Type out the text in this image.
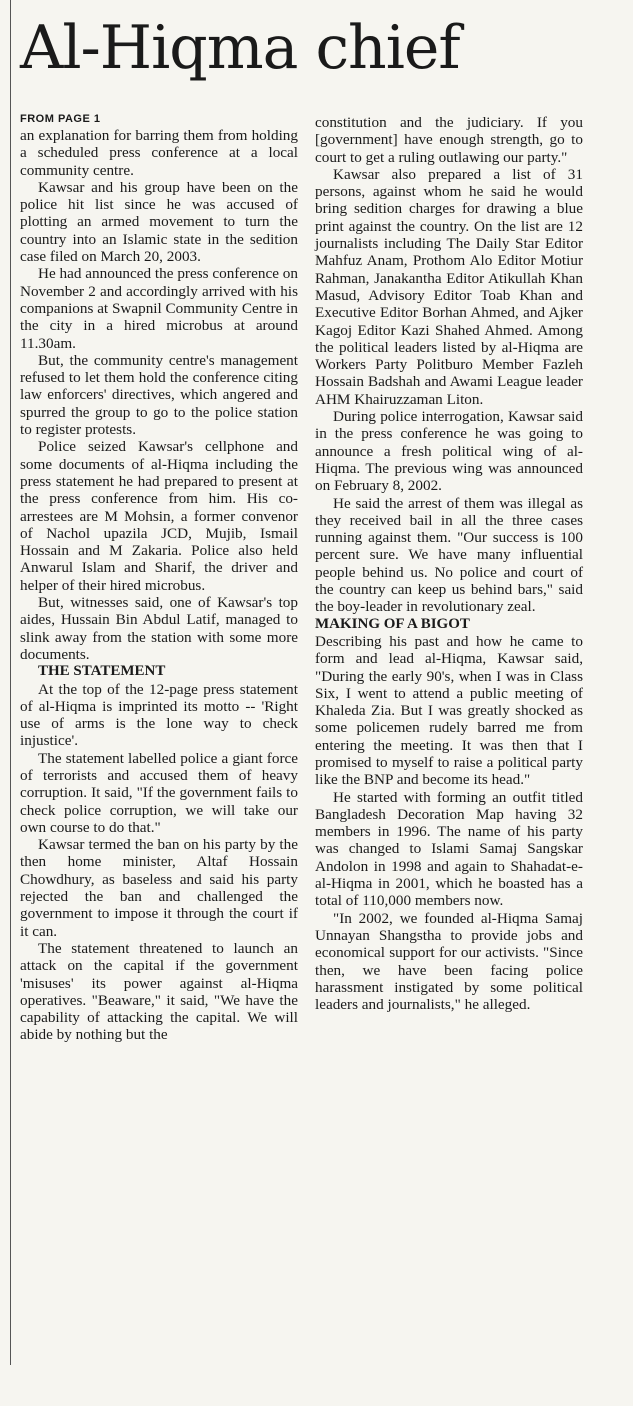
Al-Hiqma chief
FROM PAGE 1

an explanation for barring them from holding a scheduled press conference at a local community centre.

Kawsar and his group have been on the police hit list since he was accused of plotting an armed movement to turn the country into an Islamic state in the sedition case filed on March 20, 2003.

He had announced the press conference on November 2 and accordingly arrived with his companions at Swapnil Community Centre in the city in a hired microbus at around 11.30am.

But, the community centre's management refused to let them hold the conference citing law enforcers' directives, which angered and spurred the group to go to the police station to register protests.

Police seized Kawsar's cellphone and some documents of al-Hiqma including the press statement he had prepared to present at the press conference from him. His co-arrestees are M Mohsin, a former convenor of Nachol upazila JCD, Mujib, Ismail Hossain and M Zakaria. Police also held Anwarul Islam and Sharif, the driver and helper of their hired microbus.

But, witnesses said, one of Kawsar's top aides, Hussain Bin Abdul Latif, managed to slink away from the station with some more documents.

THE STATEMENT

At the top of the 12-page press statement of al-Hiqma is imprinted its motto -- 'Right use of arms is the lone way to check injustice'.

The statement labelled police a giant force of terrorists and accused them of heavy corruption. It said, "If the government fails to check police corruption, we will take our own course to do that."

Kawsar termed the ban on his party by the then home minister, Altaf Hossain Chowdhury, as baseless and said his party rejected the ban and challenged the government to impose it through the court if it can.

The statement threatened to launch an attack on the capital if the government 'misuses' its power against al-Hiqma operatives. "Beaware," it said, "We have the capability of attacking the capital. We will abide by nothing but the

constitution and the judiciary. If you [government] have enough strength, go to court to get a ruling outlawing our party."

Kawsar also prepared a list of 31 persons, against whom he said he would bring sedition charges for drawing a blue print against the country. On the list are 12 journalists including The Daily Star Editor Mahfuz Anam, Prothom Alo Editor Motiur Rahman, Janakantha Editor Atikullah Khan Masud, Advisory Editor Toab Khan and Executive Editor Borhan Ahmed, and Ajker Kagoj Editor Kazi Shahed Ahmed. Among the political leaders listed by al-Hiqma are Workers Party Politburo Member Fazleh Hossain Badshah and Awami League leader AHM Khairuzzaman Liton.

During police interrogation, Kawsar said in the press conference he was going to announce a fresh political wing of al-Hiqma. The previous wing was announced on February 8, 2002.

He said the arrest of them was illegal as they received bail in all the three cases running against them. "Our success is 100 percent sure. We have many influential people behind us. No police and court of the country can keep us behind bars," said the boy-leader in revolutionary zeal.

MAKING OF A BIGOT

Describing his past and how he came to form and lead al-Hiqma, Kawsar said, "During the early 90's, when I was in Class Six, I went to attend a public meeting of Khaleda Zia. But I was greatly shocked as some policemen rudely barred me from entering the meeting. It was then that I promised to myself to raise a political party like the BNP and become its head."

He started with forming an outfit titled Bangladesh Decoration Map having 32 members in 1996. The name of his party was changed to Islami Samaj Sangskar Andolon in 1998 and again to Shahadat-e-al-Hiqma in 2001, which he boasted has a total of 110,000 members now.

"In 2002, we founded al-Hiqma Samaj Unnayan Shangstha to provide jobs and economical support for our activists. "Since then, we have been facing police harassment instigated by some political leaders and journalists," he alleged.
